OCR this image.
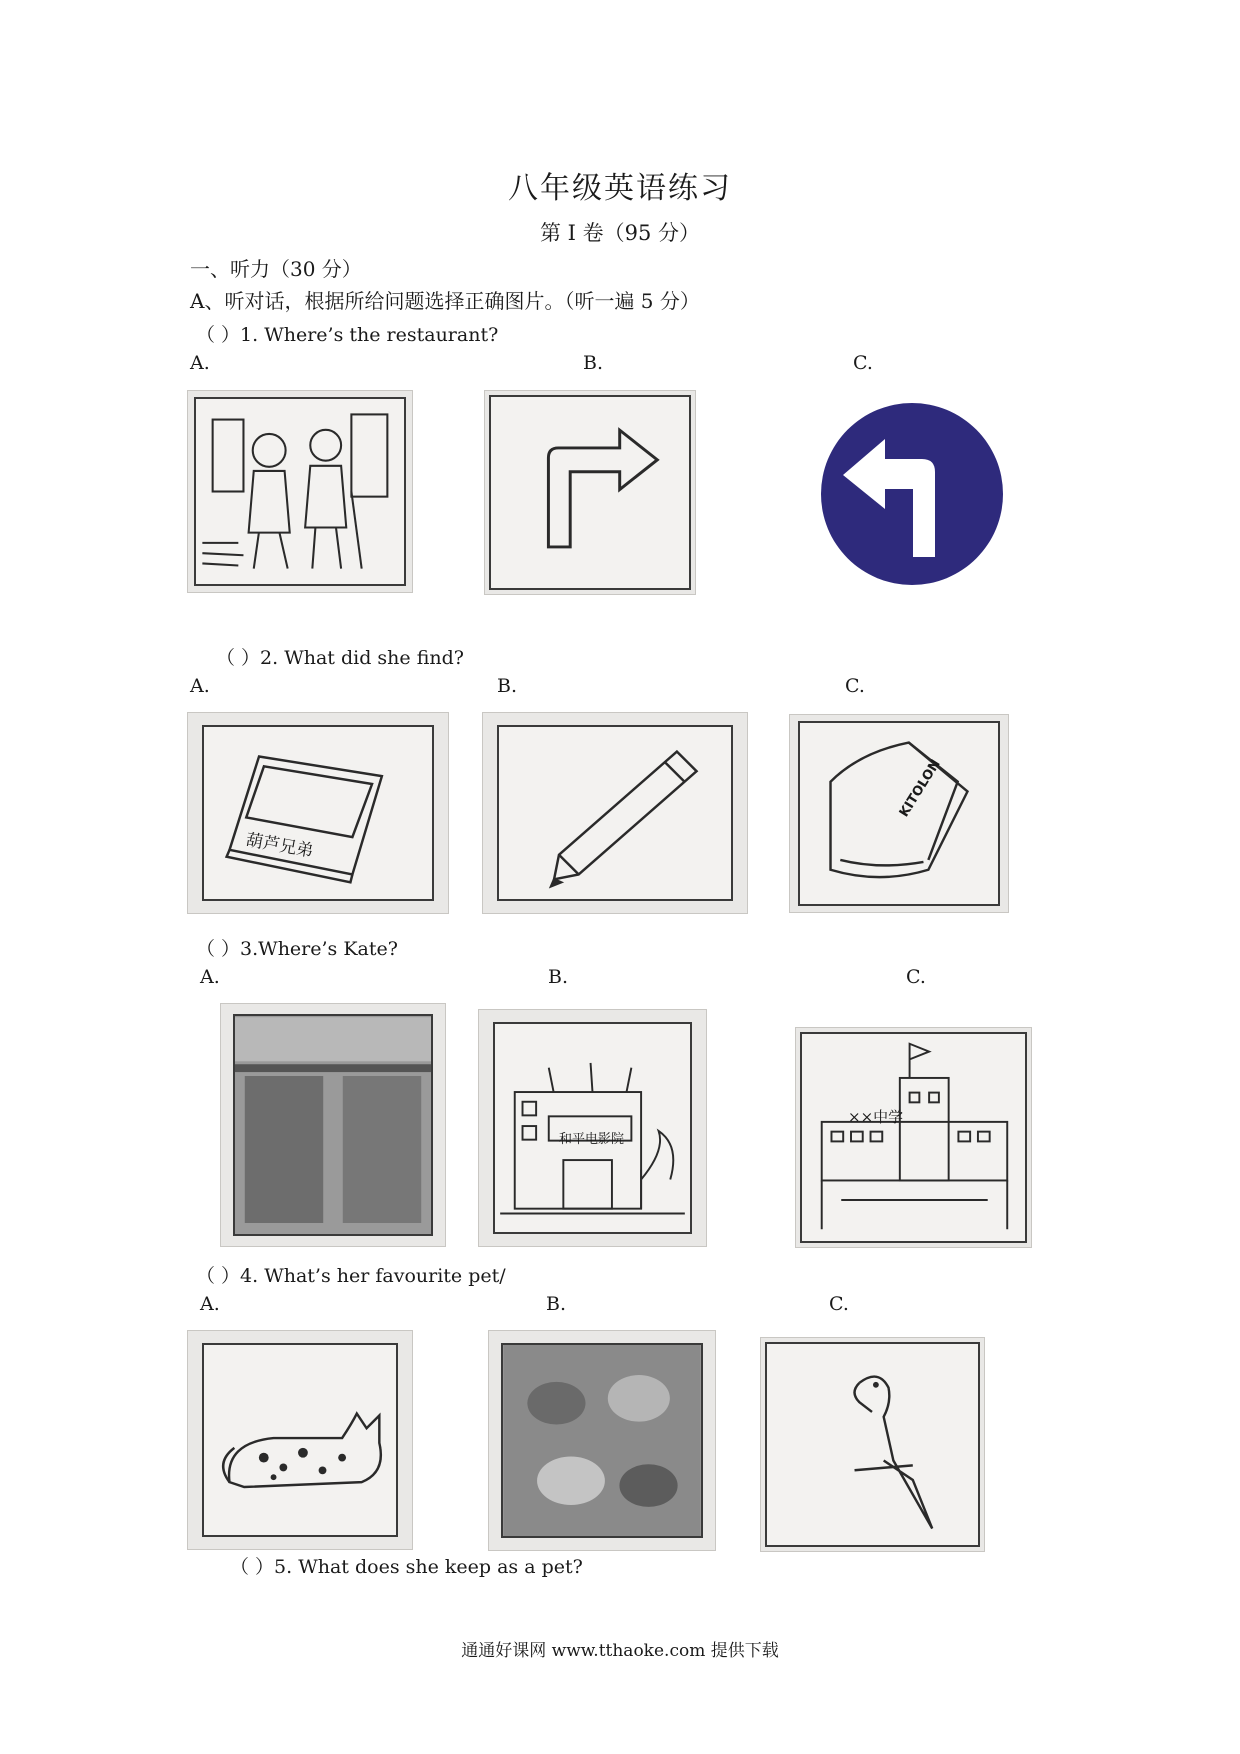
八年级英语练习
第 I 卷（95 分）
一、听力（30 分）
A、听对话，根据所给问题选择正确图片。（听一遍 5 分）
（ ）1. Where’s the restaurant?
A.	B.	C.
（ ）2. What did she find?
A.	B.	C.
葫芦兄弟
KITOLON
（ ）3.Where’s Kate?
A.	B.	C.
和平电影院
××中学
（ ）4. What’s her favourite pet/
A.	B.	C.
（ ）5. What does she keep as a pet?
通通好课网 www.tthaoke.com 提供下载
